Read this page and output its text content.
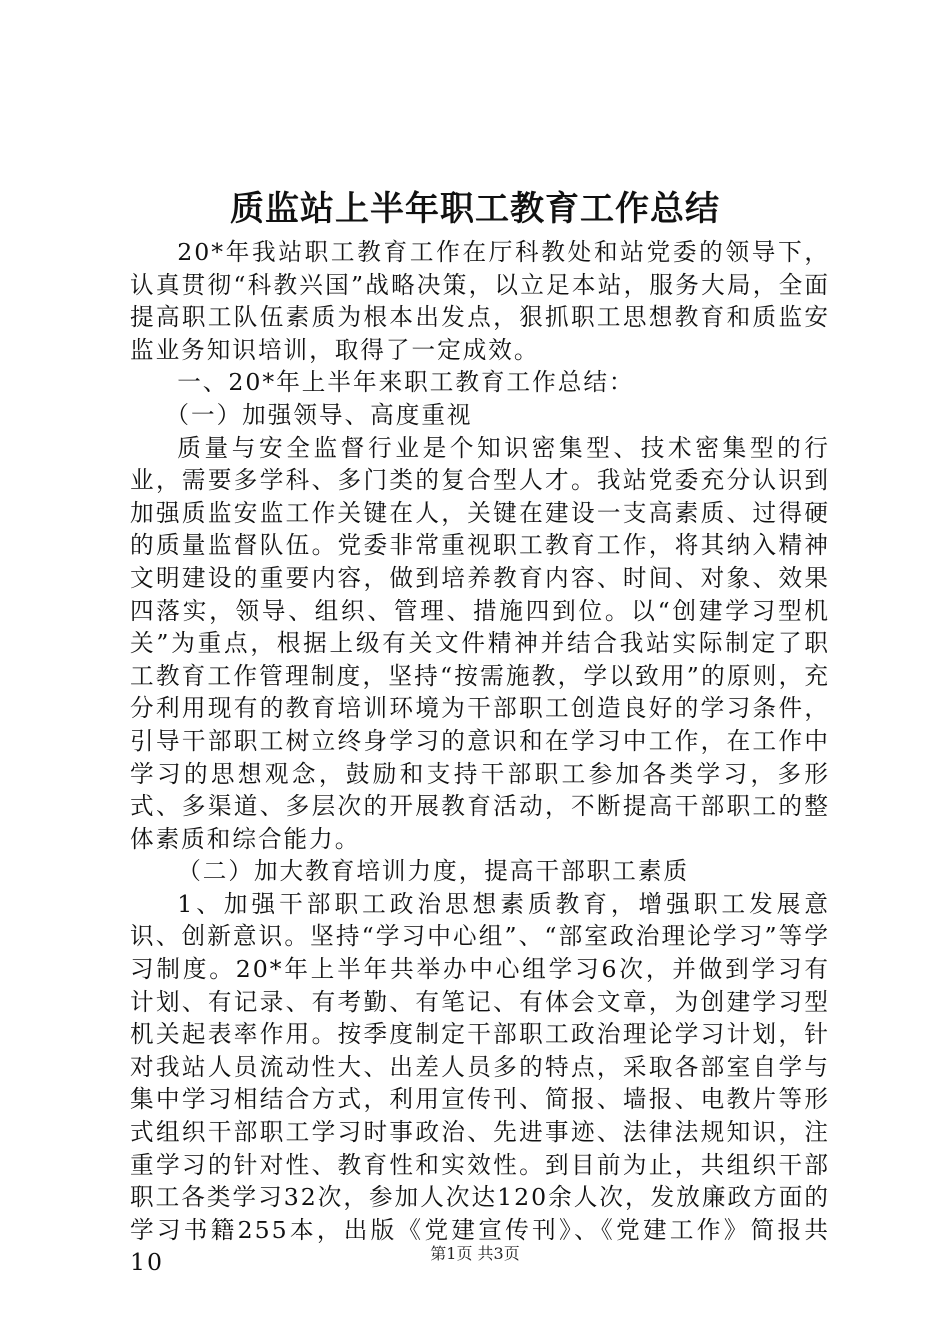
质监站上半年职工教育工作总结

20*年我站职工教育工作在厅科教处和站党委的领导下，认真贯彻“科教兴国”战略决策，以立足本站，服务大局，全面提高职工队伍素质为根本出发点，狠抓职工思想教育和质监安监业务知识培训，取得了一定成效。

一、20*年上半年来职工教育工作总结：

（一）加强领导、高度重视

质量与安全监督行业是个知识密集型、技术密集型的行业，需要多学科、多门类的复合型人才。我站党委充分认识到加强质监安监工作关键在人，关键在建设一支高素质、过得硬的质量监督队伍。党委非常重视职工教育工作，将其纳入精神文明建设的重要内容，做到培养教育内容、时间、对象、效果四落实，领导、组织、管理、措施四到位。以“创建学习型机关”为重点，根据上级有关文件精神并结合我站实际制定了职工教育工作管理制度，坚持“按需施教，学以致用”的原则，充分利用现有的教育培训环境为干部职工创造良好的学习条件，引导干部职工树立终身学习的意识和在学习中工作，在工作中学习的思想观念，鼓励和支持干部职工参加各类学习，多形式、多渠道、多层次的开展教育活动，不断提高干部职工的整体素质和综合能力。

（二）加大教育培训力度，提高干部职工素质

1、加强干部职工政治思想素质教育，增强职工发展意识、创新意识。坚持“学习中心组”、“部室政治理论学习”等学习制度。20*年上半年共举办中心组学习6次，并做到学习有计划、有记录、有考勤、有笔记、有体会文章，为创建学习型机关起表率作用。按季度制定干部职工政治理论学习计划，针对我站人员流动性大、出差人员多的特点，采取各部室自学与集中学习相结合方式，利用宣传刊、简报、墙报、电教片等形式组织干部职工学习时事政治、先进事迹、法律法规知识，注重学习的针对性、教育性和实效性。到目前为止，共组织干部职工各类学习32次，参加人次达120余人次，发放廉政方面的学习书籍255本，出版《党建宣传刊》、《党建工作》简报共10	第1页 共3页
